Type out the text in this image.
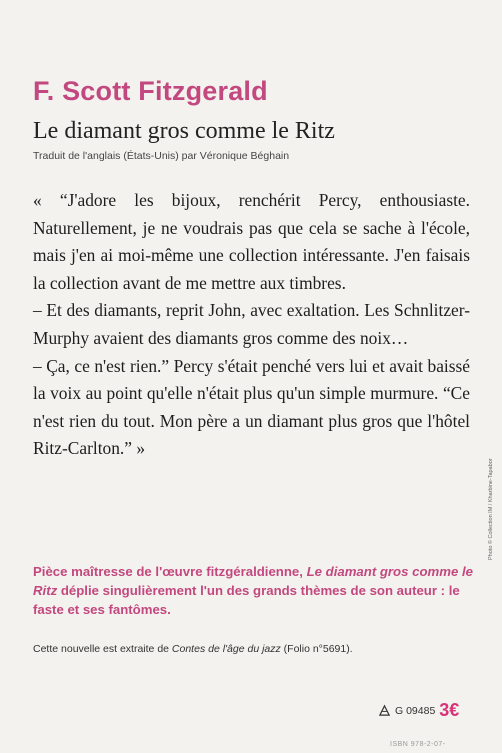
F. Scott Fitzgerald
Le diamant gros comme le Ritz
Traduit de l'anglais (États-Unis) par Véronique Béghain

« “J'adore les bijoux, renchérit Percy, enthousiaste. Naturellement, je ne voudrais pas que cela se sache à l'école, mais j'en ai moi-même une collection intéressante. J'en faisais la collection avant de me mettre aux timbres.

– Et des diamants, reprit John, avec exaltation. Les Schnlitzer-Murphy avaient des diamants gros comme des noix…

– Ça, ce n'est rien.” Percy s'était penché vers lui et avait baissé la voix au point qu'elle n'était plus qu'un simple murmure. “Ce n'est rien du tout. Mon père a un diamant plus gros que l'hôtel Ritz-Carlton.” »

Pièce maîtresse de l'œuvre fitzgéraldienne, Le diamant gros comme le Ritz déplie singulièrement l'un des grands thèmes de son auteur : le faste et ses fantômes.
Cette nouvelle est extraite de Contes de l'âge du jazz (Folio n°5691).
Photo © Collection IM / Kharbine-Tapabor
G 09485 3€
ISBN 978-2-07-
